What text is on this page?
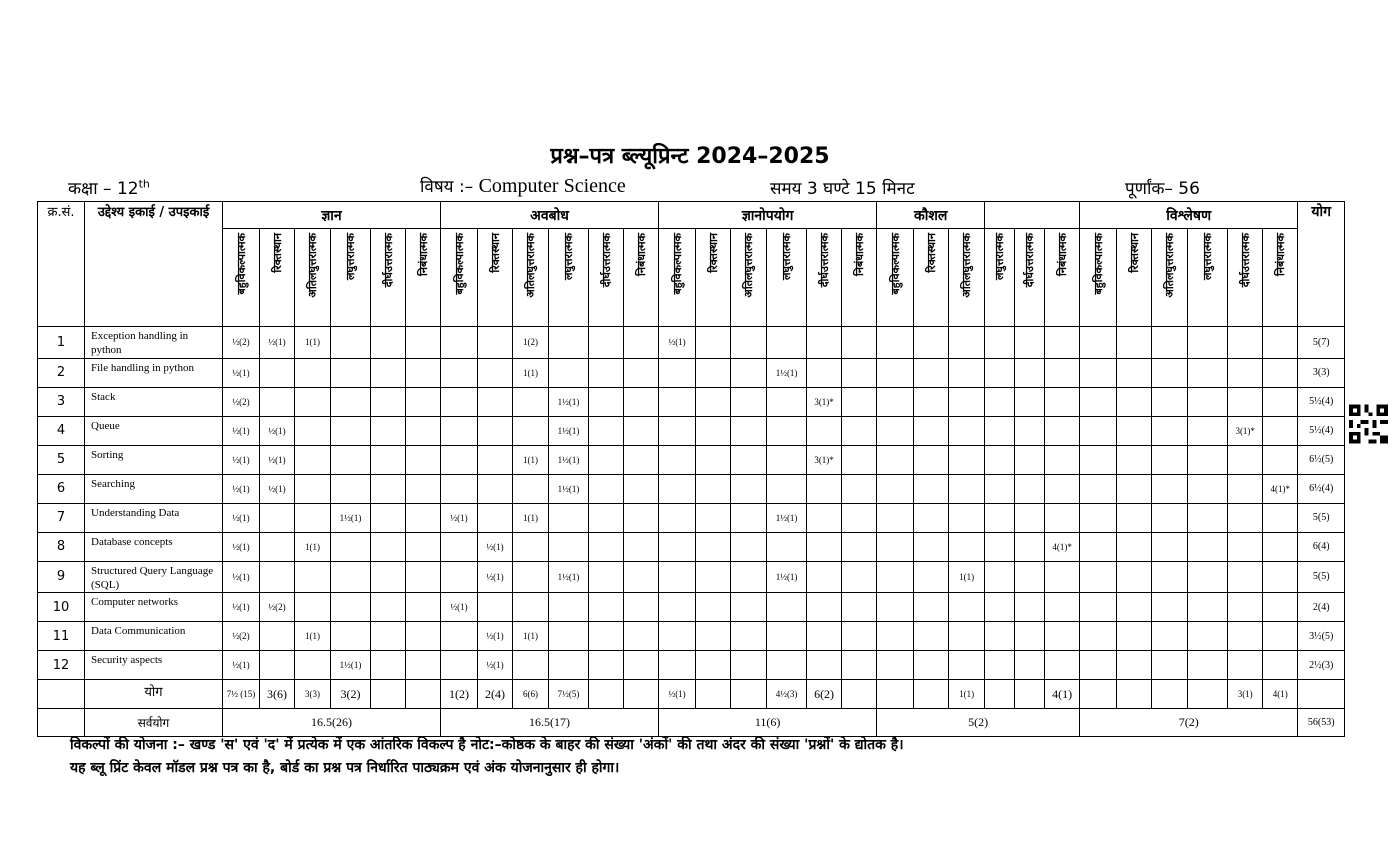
प्रश्न–पत्र ब्ल्यूप्रिन्ट 2024–2025
कक्षा – 12th	विषय :– Computer Science	समय 3 घण्टे 15 मिनट	पूर्णांक– 56
क्र.सं.	उद्देश्य इकाई / उपइकाई	ज्ञान						अवबोध						ज्ञानोपयोग						कौशल						विश्लेषण						योग
		बहुविकल्पात्मक	रिक्तस्थान	अतिलघुत्तरात्मक	लघुत्तरात्मक	दीर्घउत्तरात्मक	निबंधात्मक	बहुविकल्पात्मक	रिक्तस्थान	अतिलघुत्तरात्मक	लघुत्तरात्मक	दीर्घउत्तरात्मक	निबंधात्मक	बहुविकल्पात्मक	रिक्तस्थान	अतिलघुत्तरात्मक	लघुत्तरात्मक	दीर्घउत्तरात्मक	निबंधात्मक	बहुविकल्पात्मक	रिक्तस्थान	अतिलघुत्तरात्मक	लघुत्तरात्मक	दीर्घउत्तरात्मक	निबंधात्मक	बहुविकल्पात्मक	रिक्तस्थान	अतिलघुत्तरात्मक	लघुत्तरात्मक	दीर्घउत्तरात्मक	निबंधात्मक	
1	Exception handling in python	½(2)	½(1)	1(1)						1(2)				½(1)																		5(7)
2	File handling in python	½(1)								1(1)							1½(1)															3(3)
3	Stack	½(2)									1½(1)							3(1)*														5½(4)
4	Queue	½(1)	½(1)								1½(1)																			3(1)*		5½(4)
5	Sorting	½(1)	½(1)							1(1)	1½(1)							3(1)*														6½(5)
6	Searching	½(1)	½(1)								1½(1)																				4(1)*	6½(4)
7	Understanding Data	½(1)			1½(1)			½(1)		1(1)							1½(1)															5(5)
8	Database concepts	½(1)		1(1)					½(1)																4(1)*							6(4)
9	Structured Query Language (SQL)	½(1)							½(1)		1½(1)						1½(1)					1(1)										5(5)
10	Computer networks	½(1)	½(2)					½(1)																								2(4)
11	Data Communication	½(2)		1(1)					½(1)	1(1)																						3½(5)
12	Security aspects	½(1)			1½(1)				½(1)																							2½(3)
	योग	7½ (15)	3(6)	3(3)	3(2)			1(2)	2(4)	6(6)	7½(5)			½(1)			4½(3)	6(2)				1(1)			4(1)					3(1)	4(1)	
	सर्वयोग	16.5(26)						16.5(17)						11(6)						5(2)						7(2)						56(53)
विकल्पों की योजना :– खण्ड 'स' एवं 'द' में प्रत्येक में एक आंतरिक विकल्प है नोट:–कोष्ठक के बाहर की संख्या 'अंकों' की तथा अंदर की संख्या 'प्रश्नों' के द्योतक है।
यह ब्लू प्रिंट केवल मॉडल प्रश्न पत्र का है, बोर्ड का प्रश्न पत्र निर्धारित पाठ्यक्रम एवं अंक योजनानुसार ही होगा।
